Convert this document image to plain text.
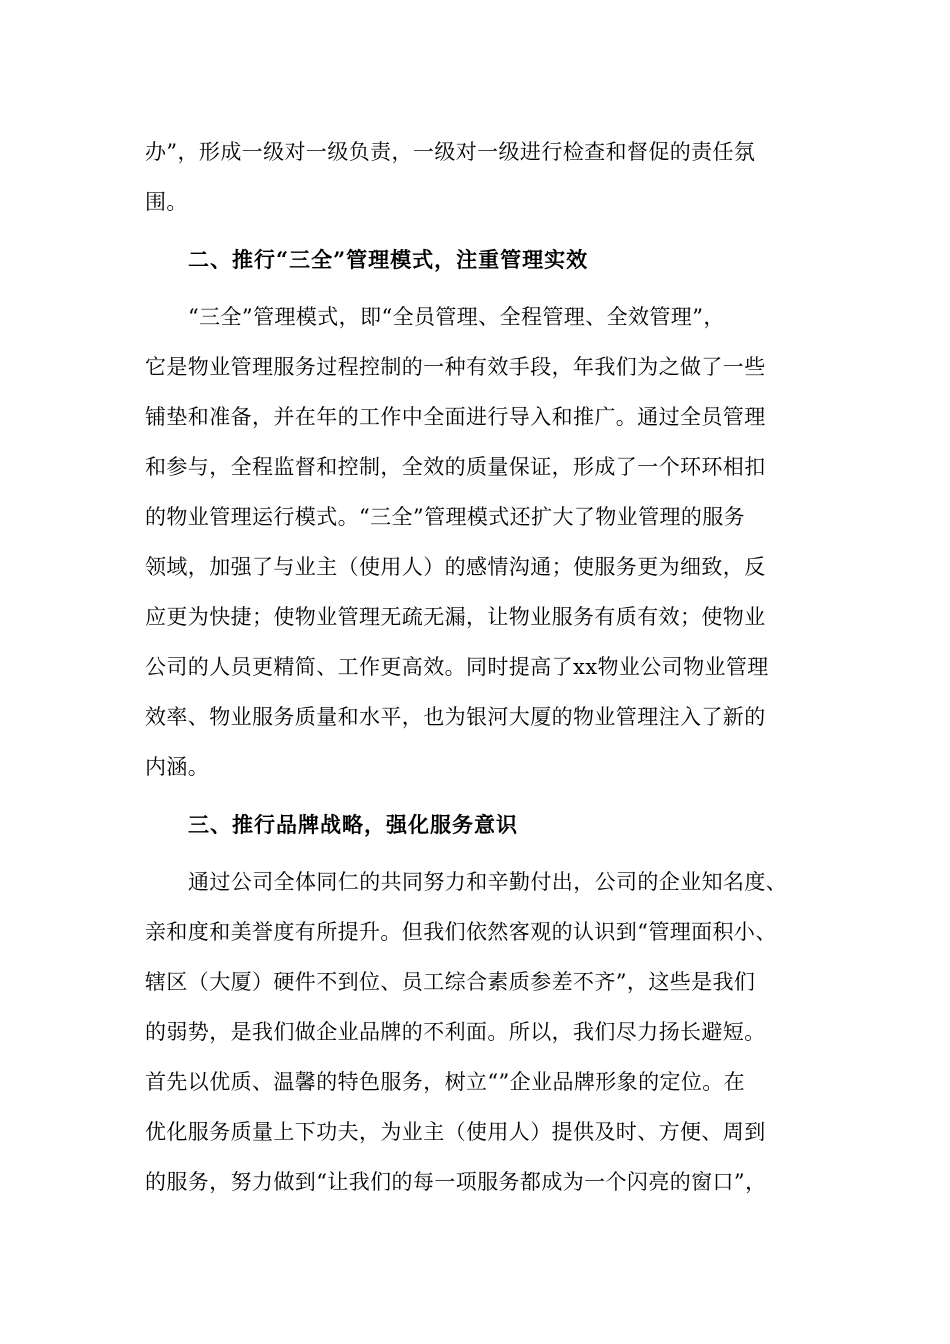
办”，形成一级对一级负责，一级对一级进行检查和督促的责任氛

围。

二、推行“三全”管理模式，注重管理实效

“三全”管理模式，即“全员管理、全程管理、全效管理”，

它是物业管理服务过程控制的一种有效手段，年我们为之做了一些

铺垫和准备，并在年的工作中全面进行导入和推广。通过全员管理

和参与，全程监督和控制，全效的质量保证，形成了一个环环相扣

的物业管理运行模式。“三全”管理模式还扩大了物业管理的服务

领域，加强了与业主（使用人）的感情沟通；使服务更为细致，反

应更为快捷；使物业管理无疏无漏，让物业服务有质有效；使物业

公司的人员更精简、工作更高效。同时提高了xx物业公司物业管理

效率、物业服务质量和水平，也为银河大厦的物业管理注入了新的

内涵。

三、推行品牌战略，强化服务意识

通过公司全体同仁的共同努力和辛勤付出，公司的企业知名度、

亲和度和美誉度有所提升。但我们依然客观的认识到“管理面积小、

辖区（大厦）硬件不到位、员工综合素质参差不齐”，这些是我们

的弱势，是我们做企业品牌的不利面。所以，我们尽力扬长避短。

首先以优质、温馨的特色服务，树立“”企业品牌形象的定位。在

优化服务质量上下功夫，为业主（使用人）提供及时、方便、周到

的服务，努力做到“让我们的每一项服务都成为一个闪亮的窗口”，
